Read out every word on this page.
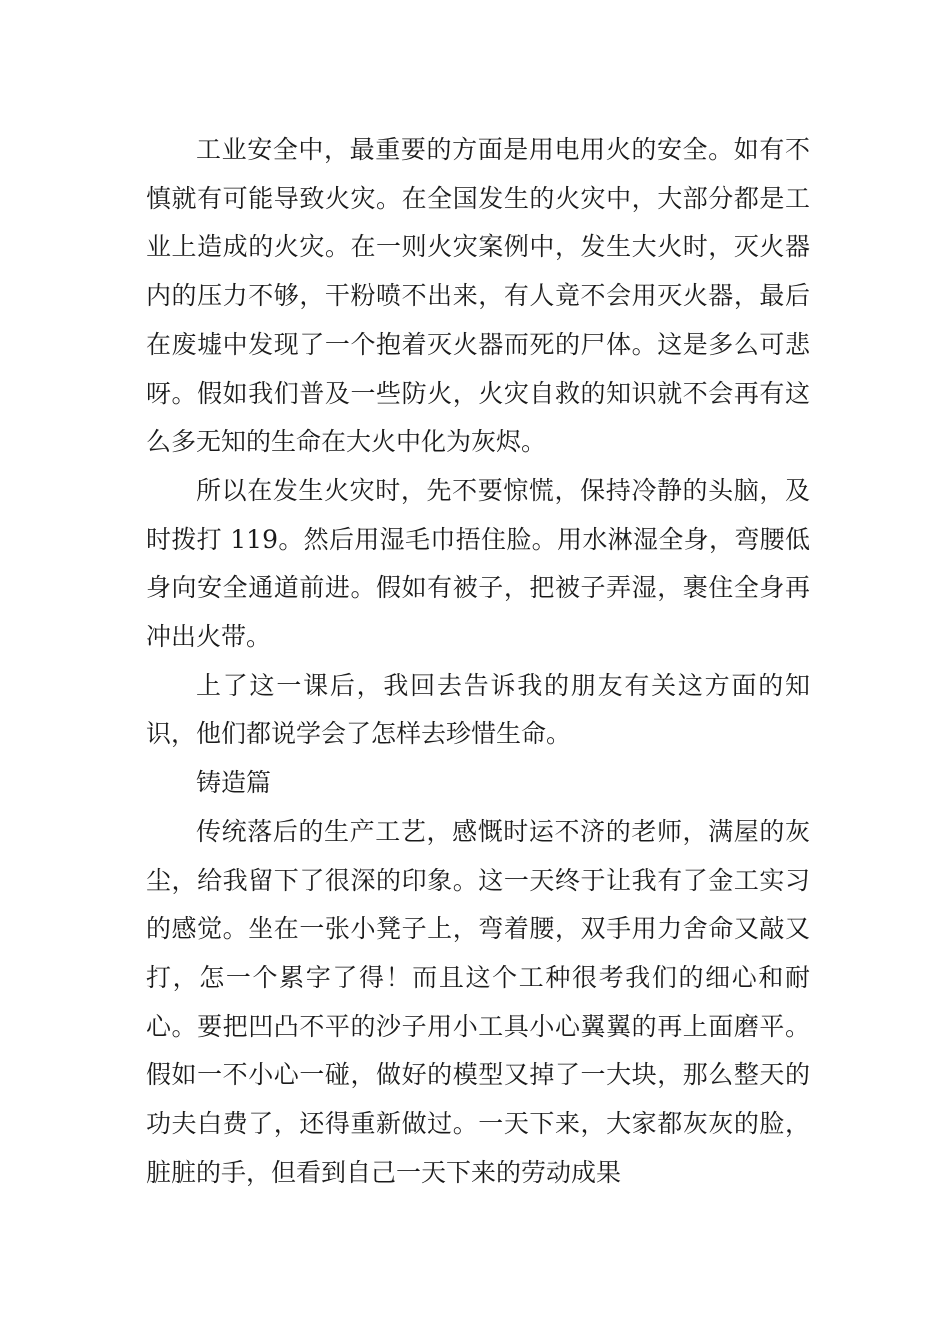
工业安全中，最重要的方面是用电用火的安全。如有不慎就有可能导致火灾。在全国发生的火灾中，大部分都是工业上造成的火灾。在一则火灾案例中，发生大火时，灭火器内的压力不够，干粉喷不出来，有人竟不会用灭火器，最后在废墟中发现了一个抱着灭火器而死的尸体。这是多么可悲呀。假如我们普及一些防火，火灾自救的知识就不会再有这么多无知的生命在大火中化为灰烬。

所以在发生火灾时，先不要惊慌，保持冷静的头脑，及时拨打 119。然后用湿毛巾捂住脸。用水淋湿全身，弯腰低身向安全通道前进。假如有被子，把被子弄湿，裹住全身再冲出火带。

上了这一课后，我回去告诉我的朋友有关这方面的知识，他们都说学会了怎样去珍惜生命。

铸造篇

传统落后的生产工艺，感慨时运不济的老师，满屋的灰尘，给我留下了很深的印象。这一天终于让我有了金工实习的感觉。坐在一张小凳子上，弯着腰，双手用力舍命又敲又打，怎一个累字了得！而且这个工种很考我们的细心和耐心。要把凹凸不平的沙子用小工具小心翼翼的再上面磨平。假如一不小心一碰，做好的模型又掉了一大块，那么整天的功夫白费了，还得重新做过。一天下来，大家都灰灰的脸，脏脏的手，但看到自己一天下来的劳动成果
